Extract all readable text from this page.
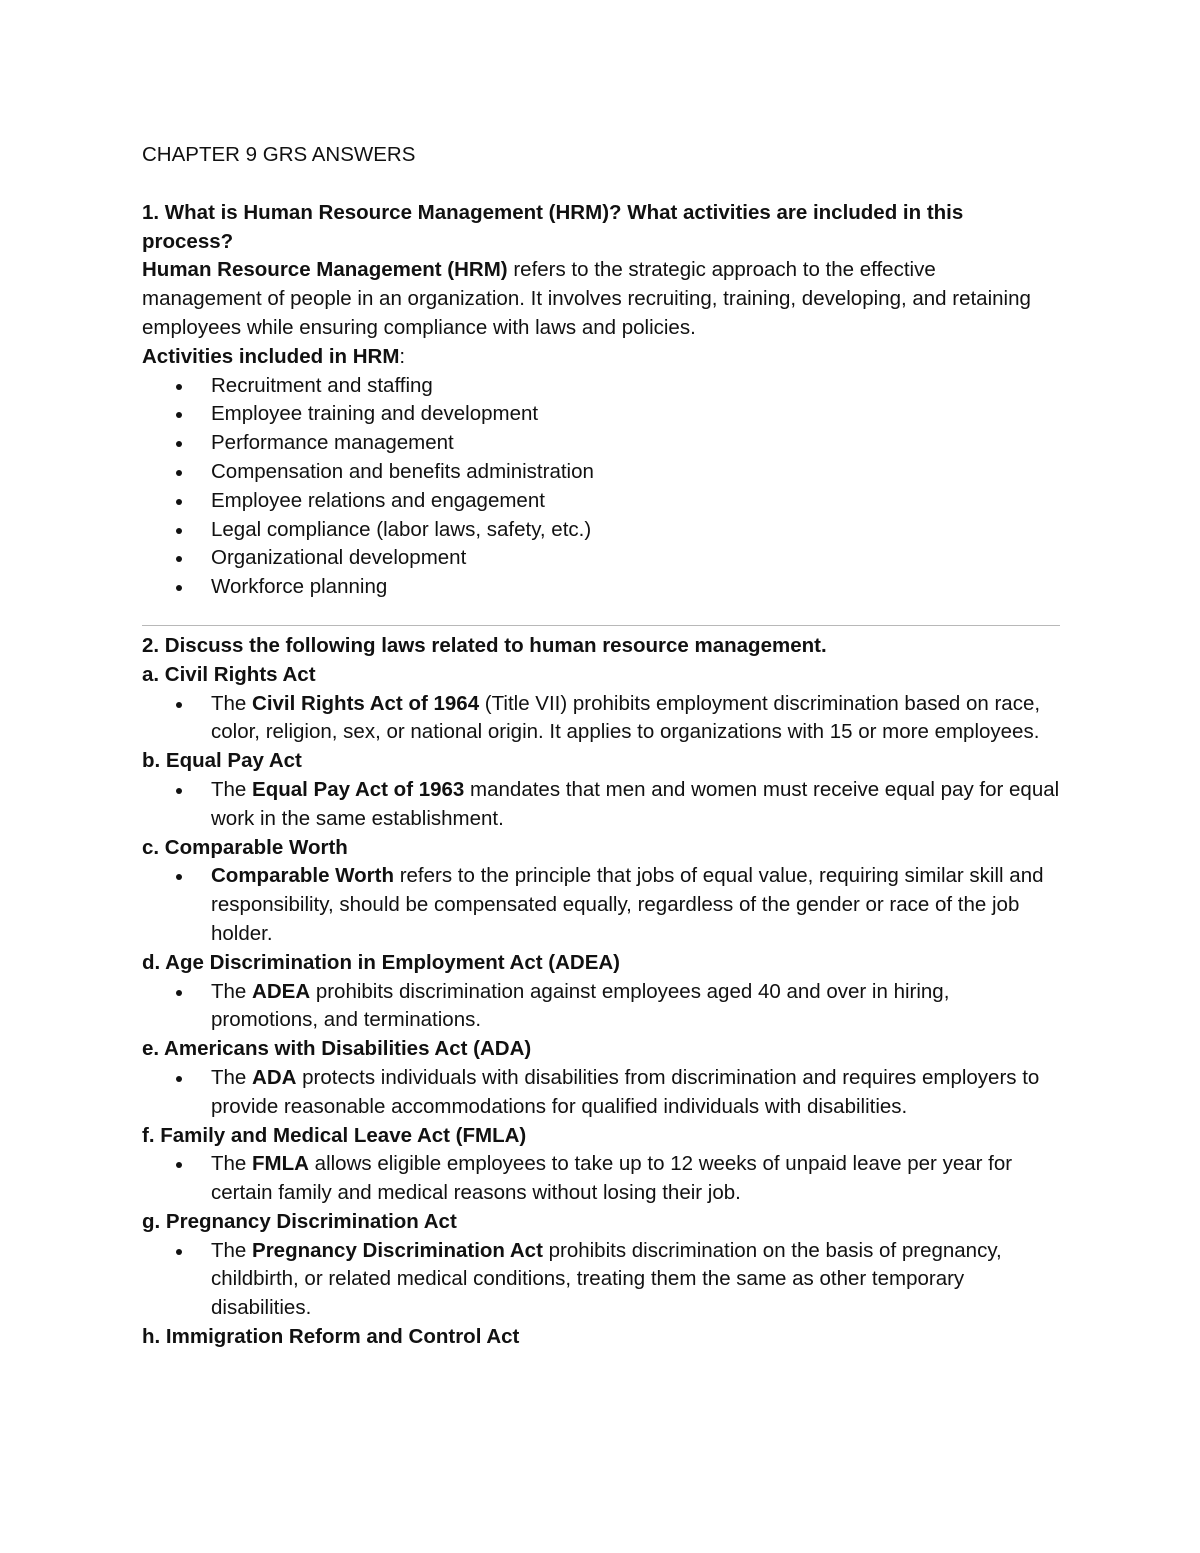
CHAPTER 9 GRS ANSWERS

1. What is Human Resource Management (HRM)? What activities are included in this process?

Human Resource Management (HRM) refers to the strategic approach to the effective management of people in an organization. It involves recruiting, training, developing, and retaining employees while ensuring compliance with laws and policies.

Activities included in HRM:

Recruitment and staffing
Employee training and development
Performance management
Compensation and benefits administration
Employee relations and engagement
Legal compliance (labor laws, safety, etc.)
Organizational development
Workforce planning

2. Discuss the following laws related to human resource management.

a. Civil Rights Act

The Civil Rights Act of 1964 (Title VII) prohibits employment discrimination based on race, color, religion, sex, or national origin. It applies to organizations with 15 or more employees.

b. Equal Pay Act

The Equal Pay Act of 1963 mandates that men and women must receive equal pay for equal work in the same establishment.

c. Comparable Worth

Comparable Worth refers to the principle that jobs of equal value, requiring similar skill and responsibility, should be compensated equally, regardless of the gender or race of the job holder.

d. Age Discrimination in Employment Act (ADEA)

The ADEA prohibits discrimination against employees aged 40 and over in hiring, promotions, and terminations.

e. Americans with Disabilities Act (ADA)

The ADA protects individuals with disabilities from discrimination and requires employers to provide reasonable accommodations for qualified individuals with disabilities.

f. Family and Medical Leave Act (FMLA)

The FMLA allows eligible employees to take up to 12 weeks of unpaid leave per year for certain family and medical reasons without losing their job.

g. Pregnancy Discrimination Act

The Pregnancy Discrimination Act prohibits discrimination on the basis of pregnancy, childbirth, or related medical conditions, treating them the same as other temporary disabilities.

h. Immigration Reform and Control Act
